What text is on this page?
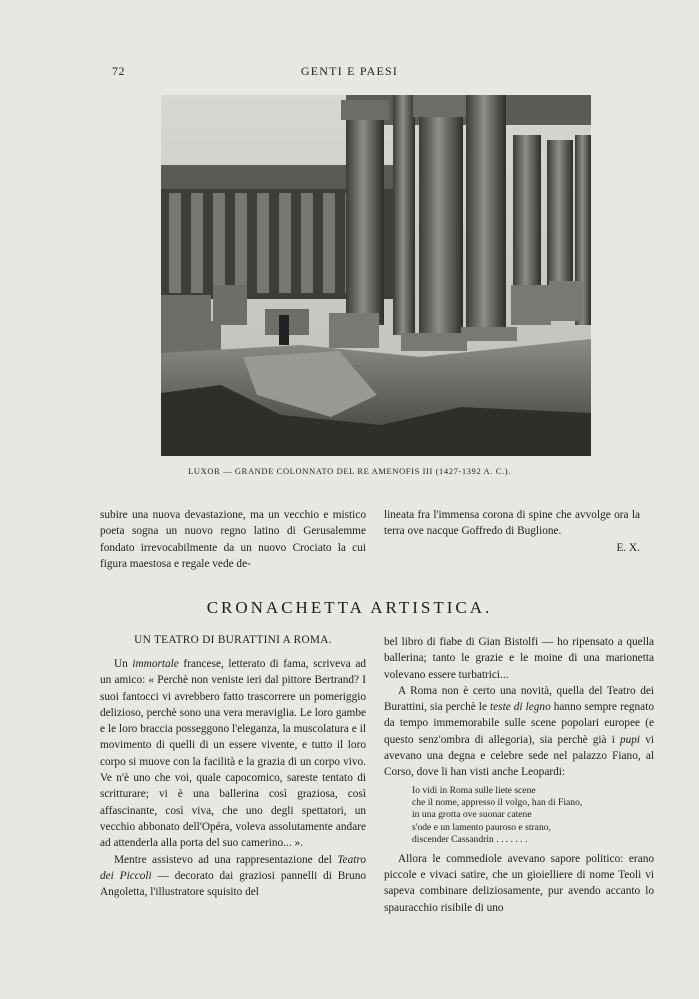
72	GENTI E PAESI
LUXOR — GRANDE COLONNATO DEL RE AMENOFIS III (1427-1392 A. C.).

subire una nuova devastazione, ma un vecchio e mistico poeta sogna un nuovo regno latino di Gerusalemme fondato irrevocabilmente da un nuovo Crociato la cui figura maestosa e regale vede de-

lineata fra l'immensa corona di spine che avvolge ora la terra ove nacque Goffredo di Buglione.

E. X.

CRONACHETTA ARTISTICA.
UN TEATRO DI BURATTINI A ROMA.

Un immortale francese, letterato di fama, scriveva ad un amico: « Perchè non veniste ieri dal pittore Bertrand? I suoi fantocci vi avrebbero fatto trascorrere un pomeriggio delizioso, perchè sono una vera meraviglia. Le loro gambe e le loro braccia posseggono l'eleganza, la muscolatura e il movimento di quelli di un essere vivente, e tutto il loro corpo si muove con la facilità e la grazia di un corpo vivo. Ve n'è uno che voi, quale capocomico, sareste tentato di scritturare; vi è una ballerina così graziosa, così affascinante, così viva, che uno degli spettatori, un vecchio abbonato dell'Opéra, voleva assolutamente andare ad attenderla alla porta del suo camerino... ».

Mentre assistevo ad una rappresentazione del Teatro dei Piccoli — decorato dai graziosi pannelli di Bruno Angoletta, l'illustratore squisito del

bel libro di fiabe di Gian Bistolfi — ho ripensato a quella ballerina; tanto le grazie e le moine di una marionetta volevano essere turbatrici...

A Roma non è certo una novità, quella del Teatro dei Burattini, sia perchè le teste di legno hanno sempre regnato da tempo immemorabile sulle scene popolari europee (e questo senz'ombra di allegoria), sia perchè già i pupi vi avevano una degna e celebre sede nel palazzo Fiano, al Corso, dove li han visti anche Leopardi:

Io vidi in Roma sulle liete scene
che il nome, appresso il volgo, han di Fiano,
in una grotta ove suonar catene
s'ode e un lamento pauroso e strano,
discender Cassandrin . . . . . . .

Allora le commediole avevano sapore politico: erano piccole e vivaci satire, che un gioielliere di nome Teoli vi sapeva combinare deliziosamente, pur avendo accanto lo spauracchio risibile di uno
